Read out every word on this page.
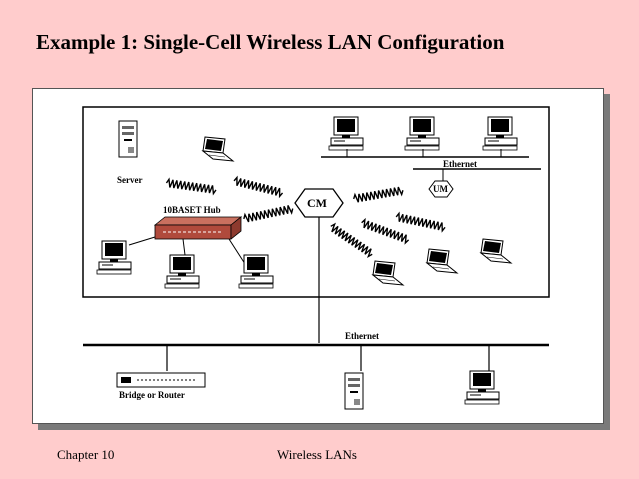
Example 1: Single-Cell Wireless LAN Configuration
Server
Ethernet
UM
CM
10BASET Hub
Ethernet
Bridge or Router
Chapter 10	Wireless LANs
